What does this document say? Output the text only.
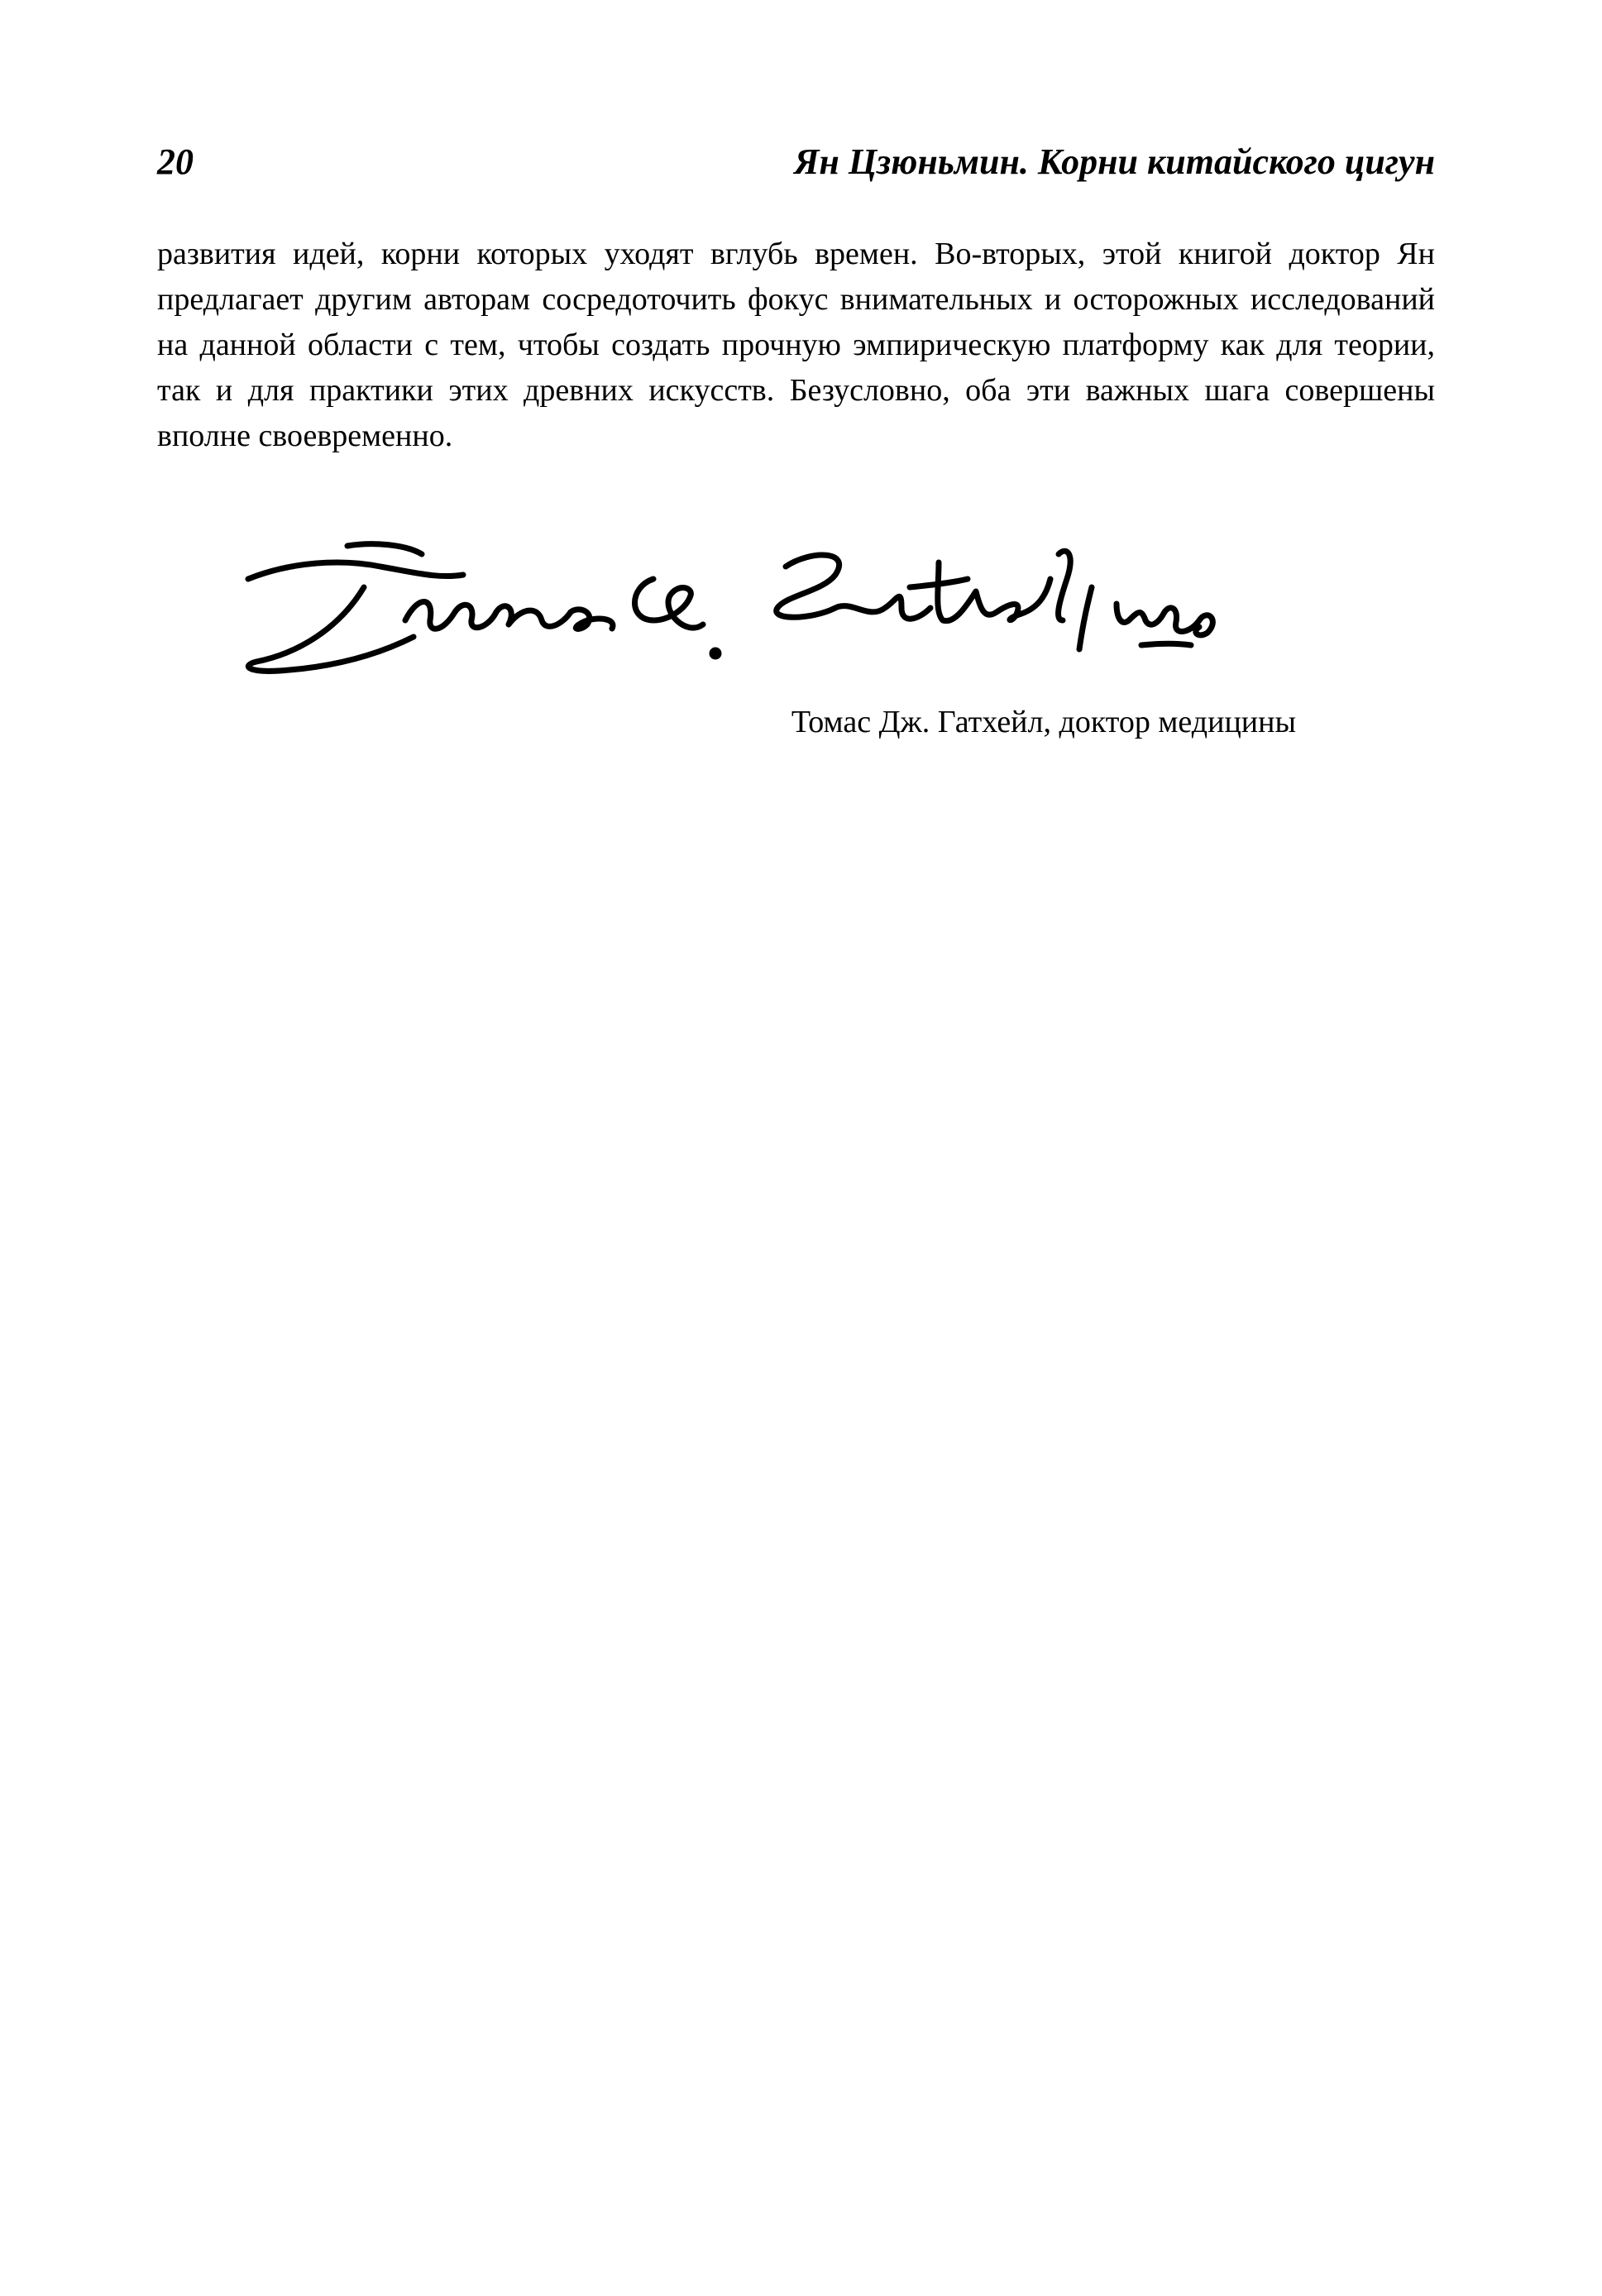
20	Ян Цзюньмин. Корни китайского цигун

развития идей, корни которых уходят вглубь времен. Во-вторых, этой книгой доктор Ян предлагает другим авторам сосредоточить фокус внимательных и осторожных исследований на данной области с тем, чтобы создать прочную эмпирическую платформу как для теории, так и для практики этих древних искусств. Безусловно, оба эти важных шага совершены вполне своевременно.

Томас Дж. Гатхейл, доктор медицины
